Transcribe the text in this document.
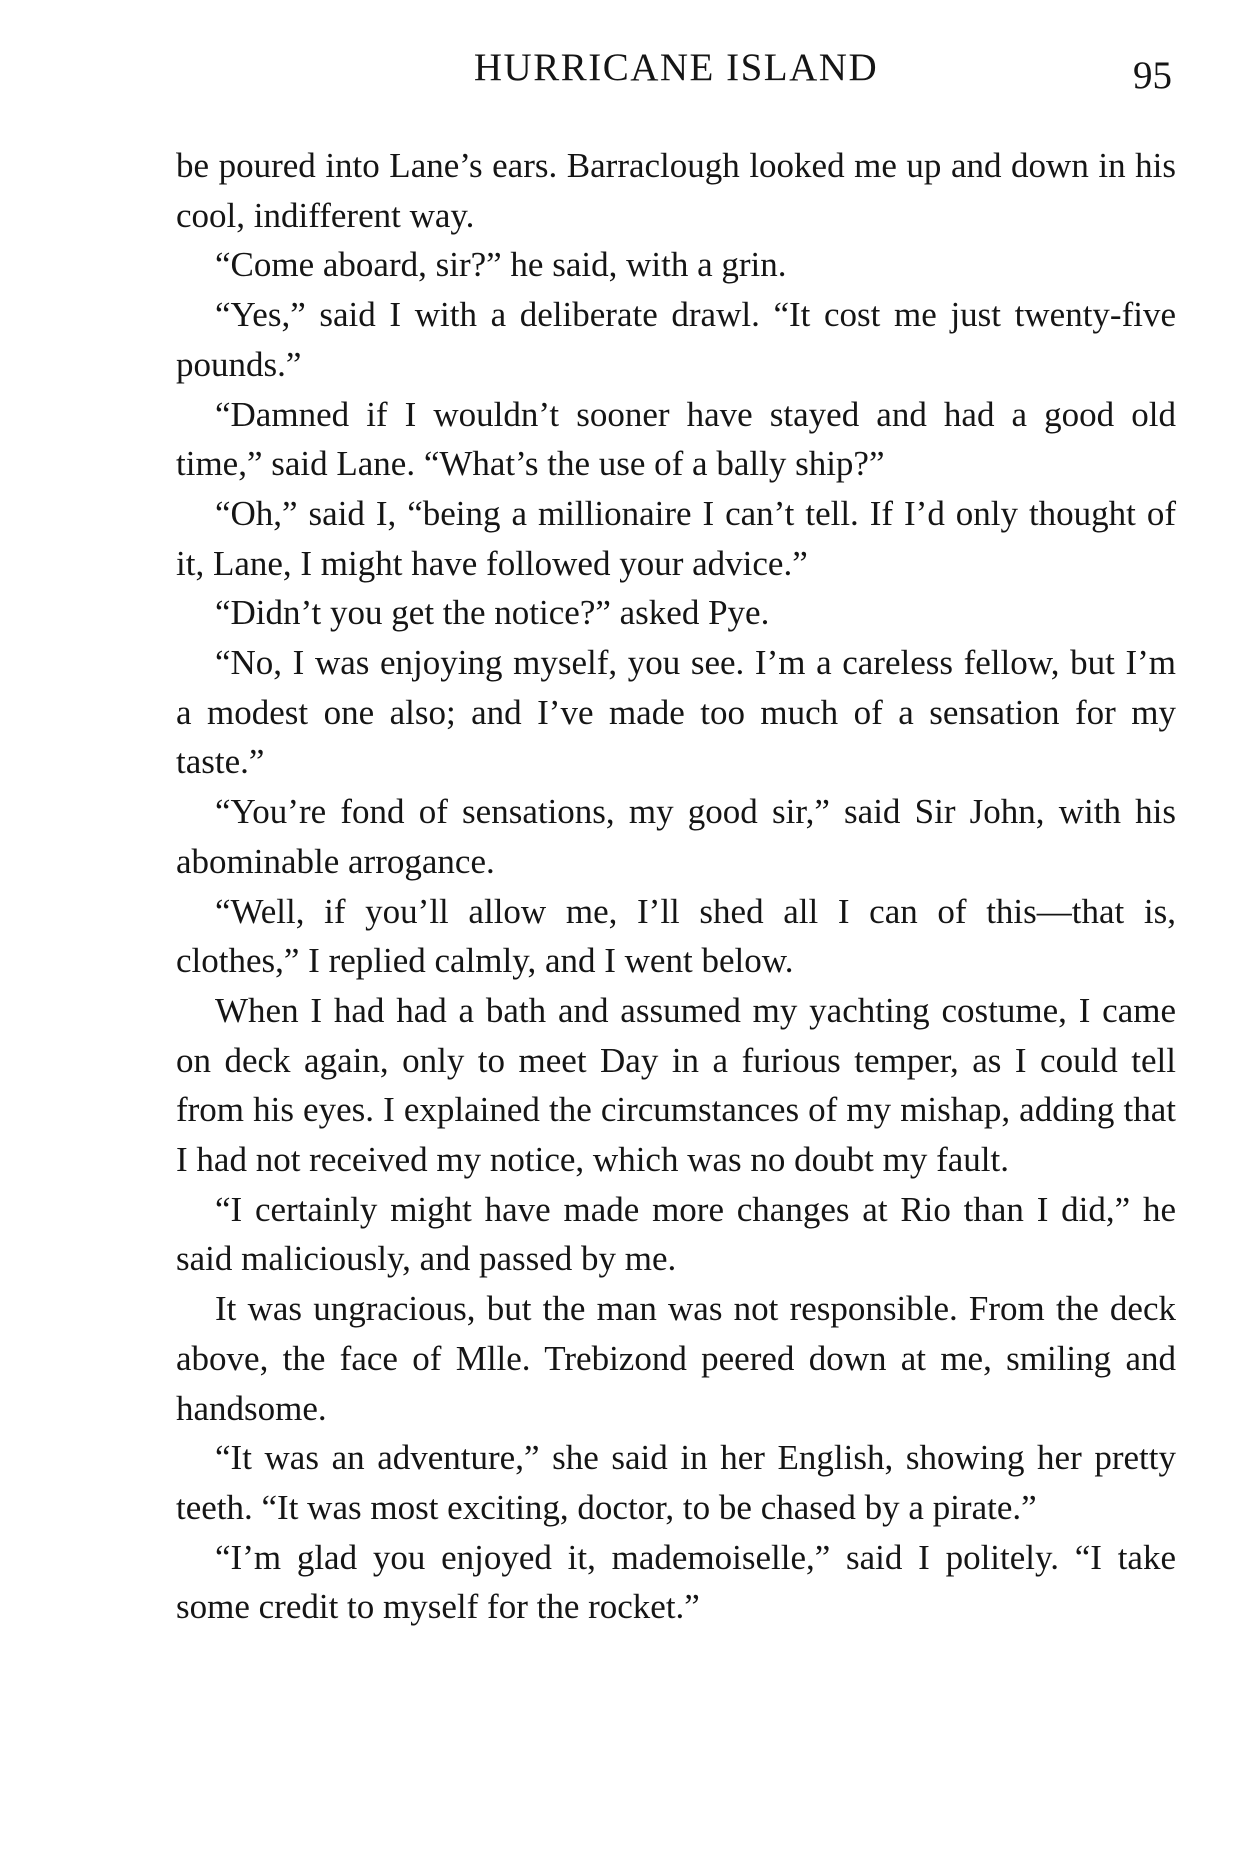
HURRICANE ISLAND	95

be poured into Lane’s ears. Barraclough looked me up and down in his cool, indifferent way.

“Come aboard, sir?” he said, with a grin.

“Yes,” said I with a deliberate drawl. “It cost me just twenty-five pounds.”

“Damned if I wouldn’t sooner have stayed and had a good old time,” said Lane. “What’s the use of a bally ship?”

“Oh,” said I, “being a millionaire I can’t tell. If I’d only thought of it, Lane, I might have followed your advice.”

“Didn’t you get the notice?” asked Pye.

“No, I was enjoying myself, you see. I’m a careless fellow, but I’m a modest one also; and I’ve made too much of a sensation for my taste.”

“You’re fond of sensations, my good sir,” said Sir John, with his abominable arrogance.

“Well, if you’ll allow me, I’ll shed all I can of this—that is, clothes,” I replied calmly, and I went below.

When I had had a bath and assumed my yachting costume, I came on deck again, only to meet Day in a furious temper, as I could tell from his eyes. I explained the circumstances of my mishap, adding that I had not received my notice, which was no doubt my fault.

“I certainly might have made more changes at Rio than I did,” he said maliciously, and passed by me.

It was ungracious, but the man was not responsible. From the deck above, the face of Mlle. Trebizond peered down at me, smiling and handsome.

“It was an adventure,” she said in her English, showing her pretty teeth. “It was most exciting, doctor, to be chased by a pirate.”

“I’m glad you enjoyed it, mademoiselle,” said I politely. “I take some credit to myself for the rocket.”
